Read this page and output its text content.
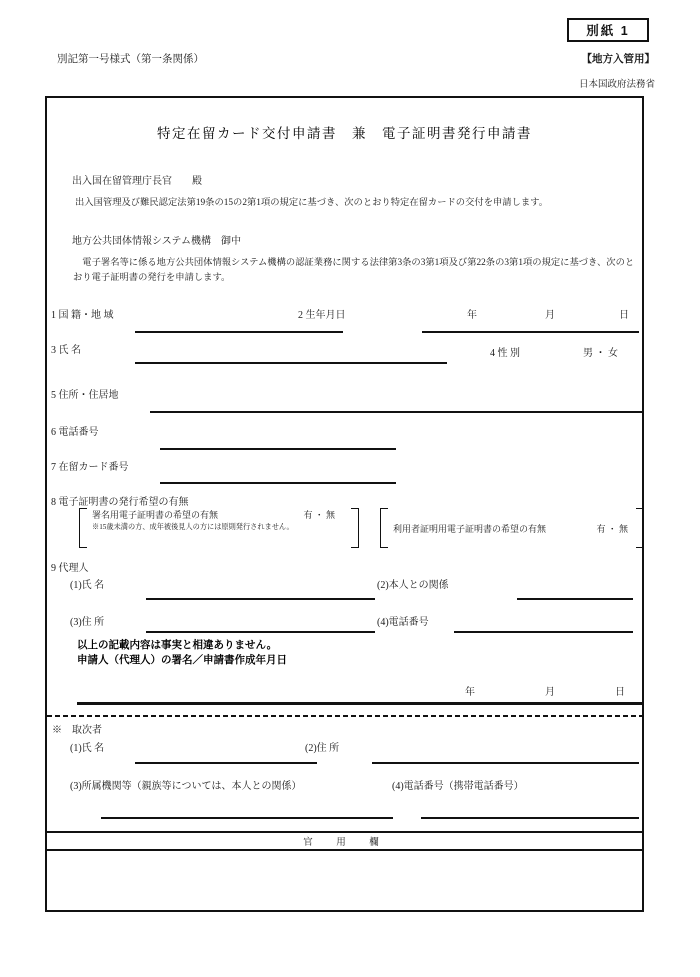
別紙 1
別記第一号様式（第一条関係）	【地方入管用】
日本国政府法務省
特定在留カード交付申請書　兼　電子証明書発行申請書
出入国在留管理庁長官　　殿
出入国管理及び難民認定法第19条の15の2第1項の規定に基づき、次のとおり特定在留カードの交付を申請します。
地方公共団体情報システム機構　御中
　電子署名等に係る地方公共団体情報システム機構の認証業務に関する法律第3条の3第1項及び第22条の3第1項の規定に基づき、次のとおり電子証明書の発行を申請します。
1 国 籍・地 域	2 生年月日	年	月	日
3 氏 名	4 性 別	男 ・ 女
5 住所・住居地
6 電話番号
7 在留カード番号
8 電子証明書の発行希望の有無
署名用電子証明書の希望の有無	有 ・ 無
※15歳未満の方、成年被後見人の方には原則発行されません。	利用者証明用電子証明書の希望の有無	有 ・ 無
9 代理人
(1)氏 名	(2)本人との関係
(3)住 所	(4)電話番号
以上の記載内容は事実と相違ありません。
申請人（代理人）の署名／申請書作成年月日
年	月	日
※　取次者
(1)氏 名	(2)住 所
(3)所属機関等（親族等については、本人との関係）	(4)電話番号（携帯電話番号）
官　用　欄
